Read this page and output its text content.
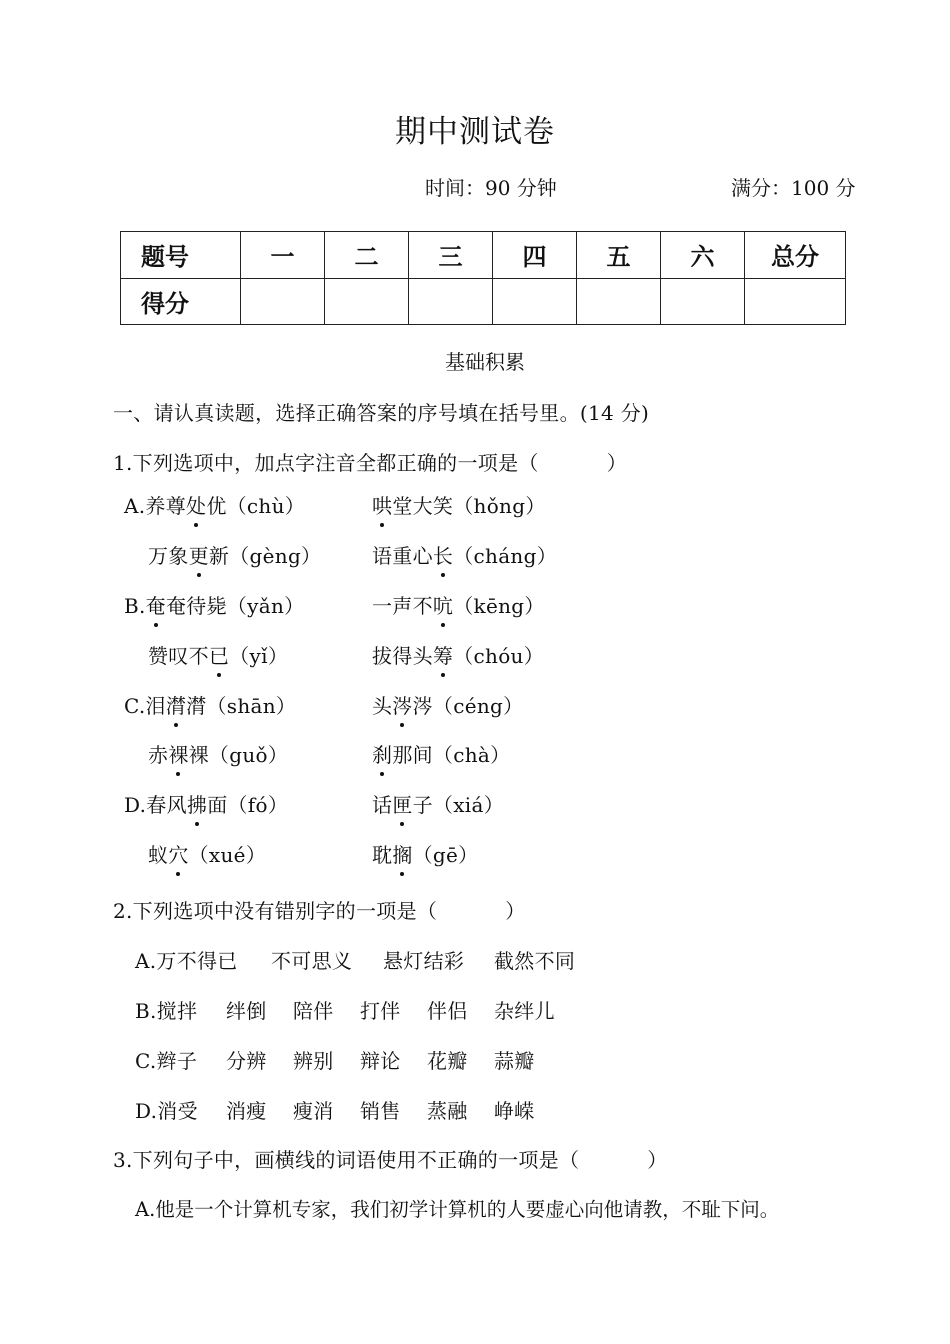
期中测试卷
时间：90 分钟	满分：100 分
题号	一	二	三	四	五	六	总分
得分							
基础积累
一、请认真读题，选择正确答案的序号填在括号里。(14 分)
1.下列选项中，加点字注音全都正确的一项是（	）
A.养尊处优（chù）	哄堂大笑（hǒng）
万象更新（gèng）	语重心长（cháng）
B.奄奄待毙（yǎn）	一声不吭（kēng）
赞叹不已（yǐ）	拔得头筹（chóu）
C.泪潸潸（shān）	头涔涔（céng）
赤裸裸（guǒ）	刹那间（chà）
D.春风拂面（fó）	话匣子（xiá）
蚁穴（xué）	耽搁（gē）
2.下列选项中没有错别字的一项是（	）
A.万不得已 不可思义 悬灯结彩 截然不同
B.搅拌 绊倒 陪伴 打伴 伴侣 杂绊儿
C.辫子 分辨 辨别 辩论 花瓣 蒜瓣
D.消受 消瘦 瘦消 销售 蒸融 峥嵘
3.下列句子中，画横线的词语使用不正确的一项是（	）
A.他是一个计算机专家，我们初学计算机的人要虚心向他请教，不耻下问。
